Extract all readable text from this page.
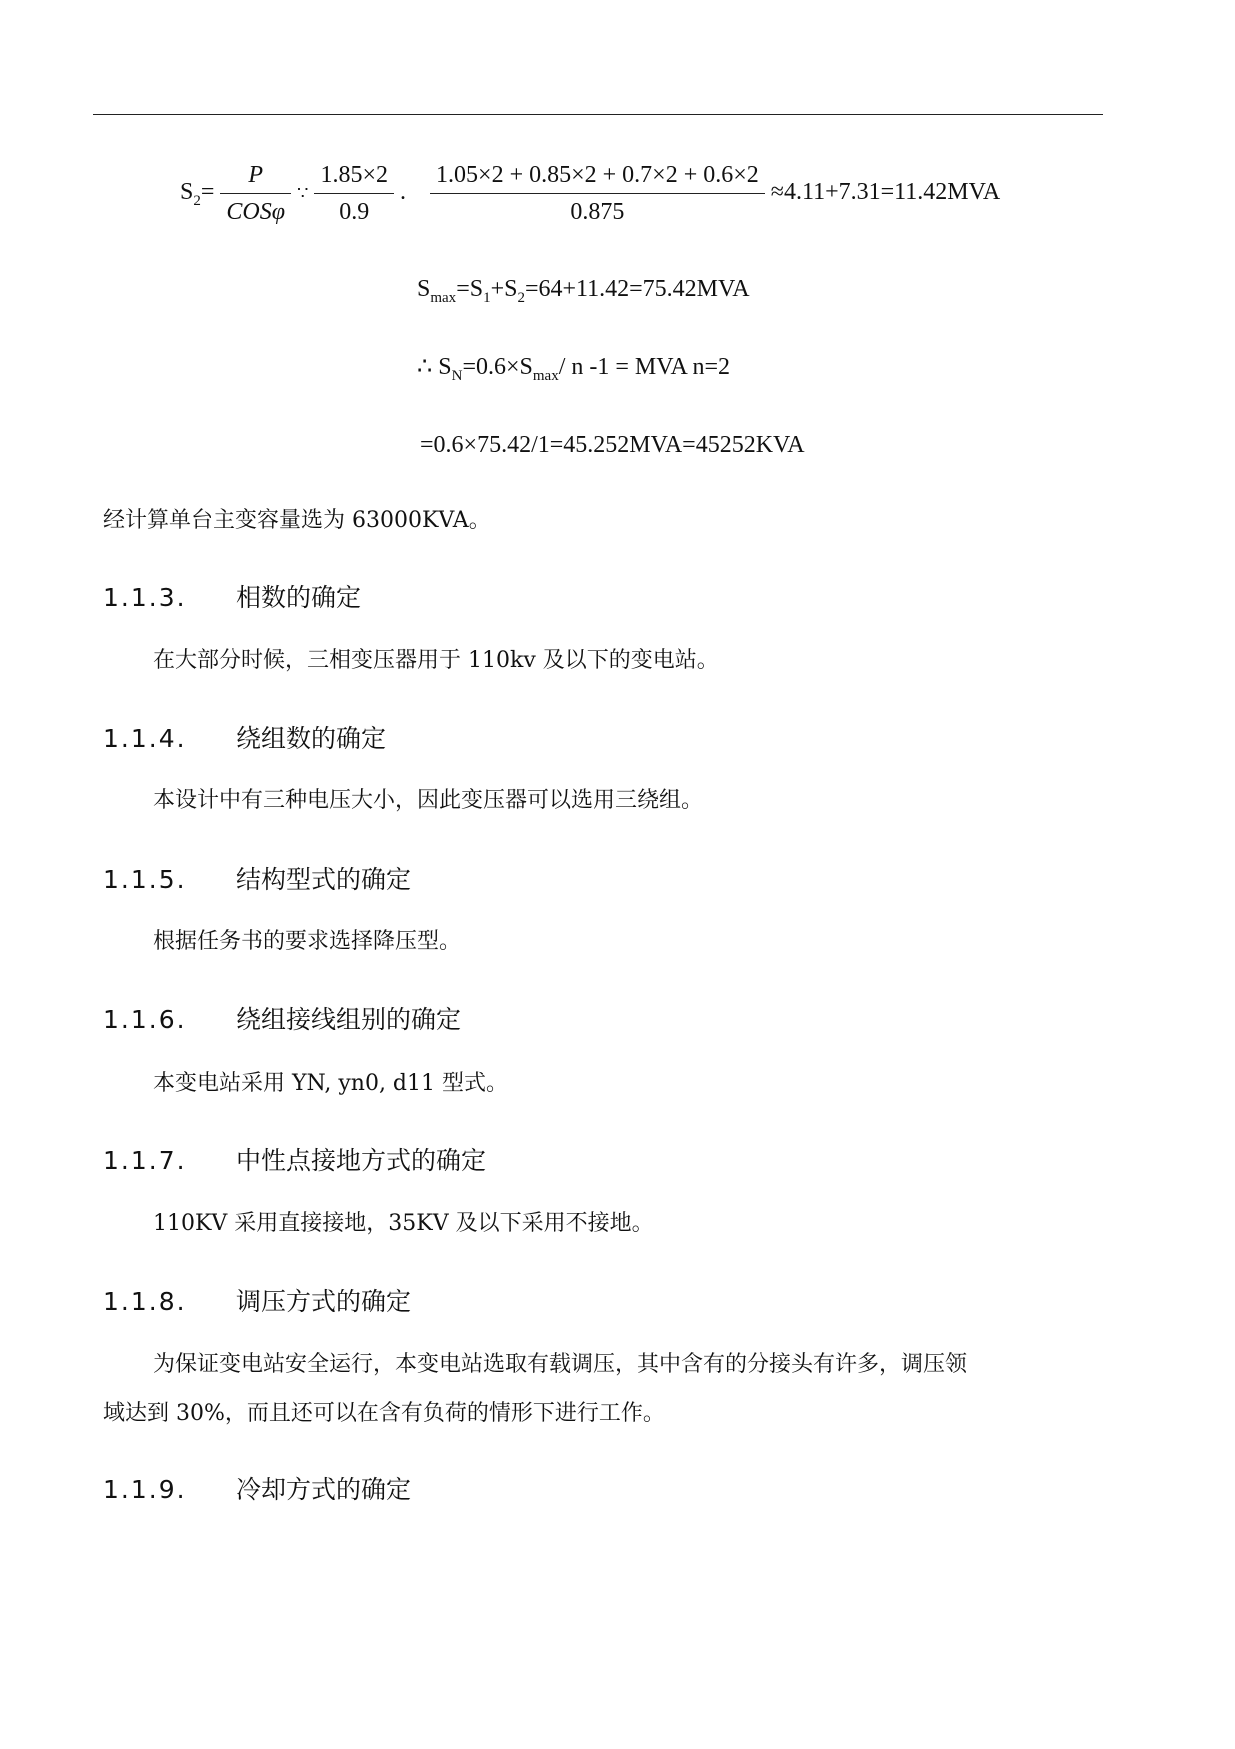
$S_2= \frac{P}{\text{COSφ}}$ ∵ $\frac{1.85\times 2}{0.9}$ . $\frac{1.05\times 2 + 0.85\times 2 + 0.7\times 2 + 0.6\times 2}{0.875} \approx 4.11+7.31=11.42MVA$
$S_{max}=S_1+S_2=64+11.42=75.42MVA$
∴ $S_N=0.6\times S_{max}/$ n -1 = MVA n=2
=0.6×75.42/1=45.252MVA=45252KVA
经计算单台主变容量选为 63000KVA。
1.1.3. 相数的确定
在大部分时候，三相变压器用于 110kv 及以下的变电站。
1.1.4. 绕组数的确定
本设计中有三种电压大小，因此变压器可以选用三绕组。
1.1.5. 结构型式的确定
根据任务书的要求选择降压型。
1.1.6. 绕组接线组别的确定
本变电站采用 YN, yn0, d11 型式。
1.1.7. 中性点接地方式的确定
110KV 采用直接接地，35KV 及以下采用不接地。
1.1.8. 调压方式的确定
为保证变电站安全运行，本变电站选取有载调压，其中含有的分接头有许多，调压领
域达到 30%，而且还可以在含有负荷的情形下进行工作。
1.1.9. 冷却方式的确定
